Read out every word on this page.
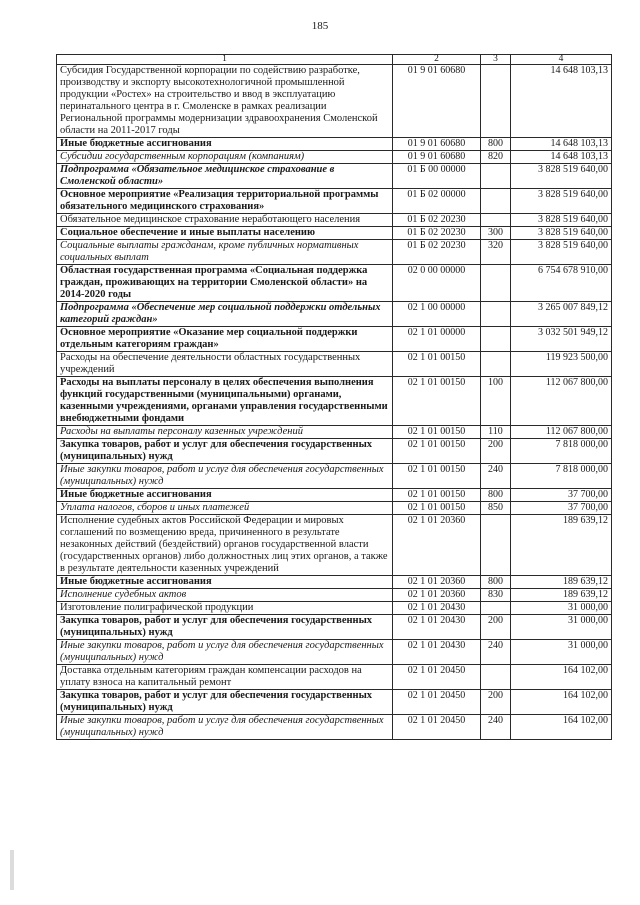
185
1	2	3	4
Субсидия Государственной корпорации по содействию разработке, производству и экспорту высокотехнологичной промышленной продукции «Ростех» на строительство и ввод в эксплуатацию перинатального центра в г. Смоленске в рамках реализации Региональной программы модернизации здравоохранения Смоленской области на 2011-2017 годы	01 9 01 60680		14 648 103,13
Иные бюджетные ассигнования	01 9 01 60680	800	14 648 103,13
Субсидии государственным корпорациям (компаниям)	01 9 01 60680	820	14 648 103,13
Подпрограмма «Обязательное медицинское страхование в Смоленской области»	01 Б 00 00000		3 828 519 640,00
Основное мероприятие «Реализация территориальной программы обязательного медицинского страхования»	01 Б 02 00000		3 828 519 640,00
Обязательное медицинское страхование неработающего населения	01 Б 02 20230		3 828 519 640,00
Социальное обеспечение и иные выплаты населению	01 Б 02 20230	300	3 828 519 640,00
Социальные выплаты гражданам, кроме публичных нормативных социальных выплат	01 Б 02 20230	320	3 828 519 640,00
Областная государственная программа «Социальная поддержка граждан, проживающих на территории Смоленской области» на 2014-2020 годы	02 0 00 00000		6 754 678 910,00
Подпрограмма «Обеспечение мер социальной поддержки отдельных категорий граждан»	02 1 00 00000		3 265 007 849,12
Основное мероприятие «Оказание мер социальной поддержки отдельным категориям граждан»	02 1 01 00000		3 032 501 949,12
Расходы на обеспечение деятельности областных государственных учреждений	02 1 01 00150		119 923 500,00
Расходы на выплаты персоналу в целях обеспечения выполнения функций государственными (муниципальными) органами, казенными учреждениями, органами управления государственными внебюджетными фондами	02 1 01 00150	100	112 067 800,00
Расходы на выплаты персоналу казенных учреждений	02 1 01 00150	110	112 067 800,00
Закупка товаров, работ и услуг для обеспечения государственных (муниципальных) нужд	02 1 01 00150	200	7 818 000,00
Иные закупки товаров, работ и услуг для обеспечения государственных (муниципальных) нужд	02 1 01 00150	240	7 818 000,00
Иные бюджетные ассигнования	02 1 01 00150	800	37 700,00
Уплата налогов, сборов и иных платежей	02 1 01 00150	850	37 700,00
Исполнение судебных актов Российской Федерации и мировых соглашений по возмещению вреда, причиненного в результате незаконных действий (бездействий) органов государственной власти (государственных органов) либо должностных лиц этих органов, а также в результате деятельности казенных учреждений	02 1 01 20360		189 639,12
Иные бюджетные ассигнования	02 1 01 20360	800	189 639,12
Исполнение судебных актов	02 1 01 20360	830	189 639,12
Изготовление полиграфической продукции	02 1 01 20430		31 000,00
Закупка товаров, работ и услуг для обеспечения государственных (муниципальных) нужд	02 1 01 20430	200	31 000,00
Иные закупки товаров, работ и услуг для обеспечения государственных (муниципальных) нужд	02 1 01 20430	240	31 000,00
Доставка отдельным категориям граждан компенсации расходов на уплату взноса на капитальный ремонт	02 1 01 20450		164 102,00
Закупка товаров, работ и услуг для обеспечения государственных (муниципальных) нужд	02 1 01 20450	200	164 102,00
Иные закупки товаров, работ и услуг для обеспечения государственных (муниципальных) нужд	02 1 01 20450	240	164 102,00
